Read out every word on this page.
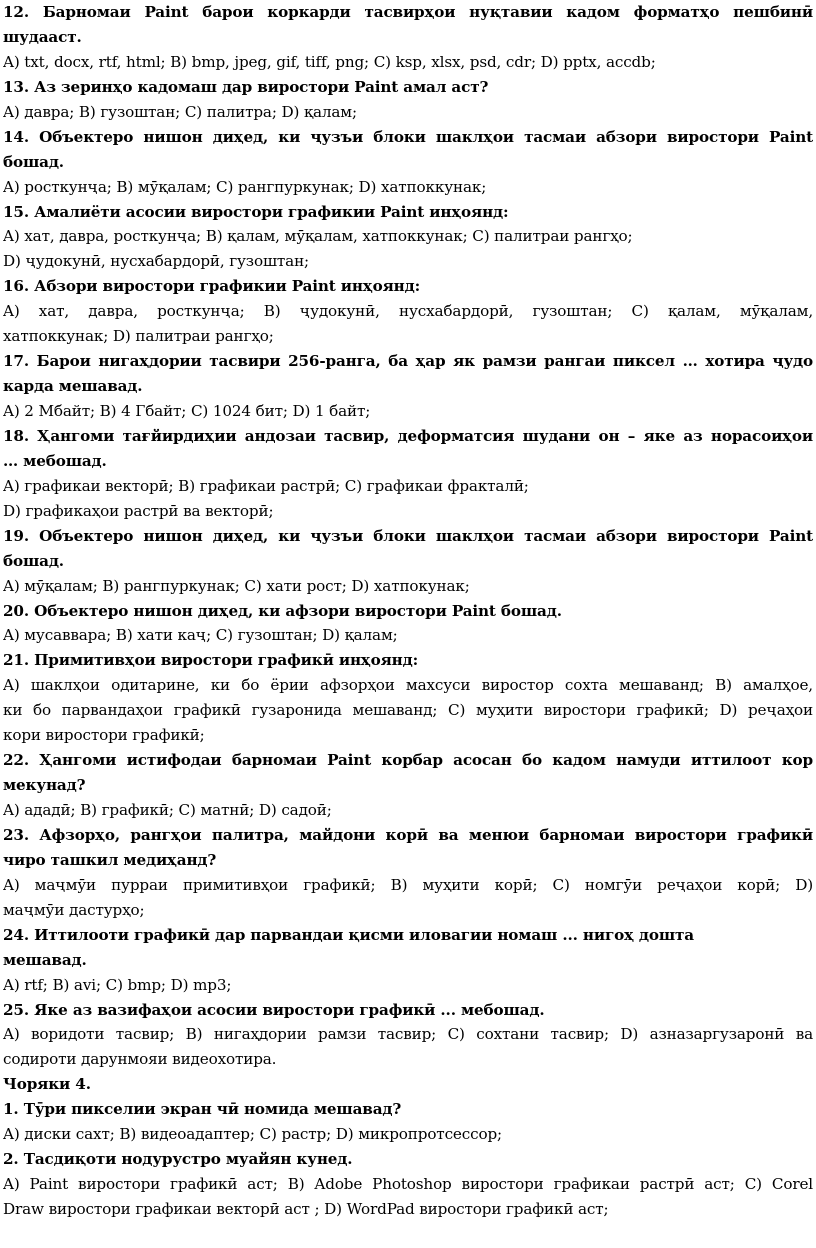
12. Барномаи Paint барои коркарди тасвирҳои нуқтавии кадом форматҳо пешбинӣ
шудааст.
A) txt, docx, rtf, html; B) bmp, jpeg, gif, tiff, png; C) ksp, xlsx, psd, cdr; D) pptx, accdb;
13. Аз зеринҳо кадомаш дар виростори Paint амал аст?
A) давра; B) гузоштан; C) палитра; D) қалам;
14. Объектеро нишон диҳед, ки ҷузъи блоки шаклҳои тасмаи абзори виростори Paint
бошад.
A) росткунҷа; B) мӯқалам; C) рангпуркунак; D) хатпоккунак;
15. Амалиёти асосии виростори графикии Paint инҳоянд:
A) хат, давра, росткунҷа; B) қалам, мӯқалам, хатпоккунак; C) палитраи рангҳо;
D) ҷудокунӣ, нусхабардорӣ, гузоштан;
16. Абзори виростори графикии Paint инҳоянд:
A) хат, давра, росткунҷа; B) ҷудокунӣ, нусхабардорӣ, гузоштан; C) қалам, мӯқалам,
хатпоккунак; D) палитраи рангҳо;
17. Барои нигаҳдории тасвири 256-ранга, ба ҳар як рамзи рангаи пиксел … хотира ҷудо
карда мешавад.
A) 2 Мбайт; B) 4 Гбайт; C) 1024 бит; D) 1 байт;
18. Ҳангоми тағйирдиҳии андозаи тасвир, деформатсия шудани он – яке аз норасоиҳои
… мебошад.
A) графикаи векторӣ; B) графикаи растрӣ; C) графикаи фракталӣ;
D) графикаҳои растрӣ ва векторӣ;
19. Объектеро нишон диҳед, ки ҷузъи блоки шаклҳои тасмаи абзори виростори Paint
бошад.
A) мӯқалам; B) рангпуркунак; C) хати рост; D) хатпокунак;
20. Объектеро нишон диҳед, ки афзори виростори Paint бошад.
A) мусаввара; B) хати каҷ; C) гузоштан; D) қалам;
21. Примитивҳои виростори графикӣ инҳоянд:
A) шаклҳои одитарине, ки бо ёрии афзорҳои махсуси виростор сохта мешаванд; B) амалҳое,
ки бо парвандаҳои графикӣ гузаронида мешаванд; C) муҳити виростори графикӣ; D) реҷаҳои
кори виростори графикӣ;
22. Ҳангоми истифодаи барномаи Paint корбар асосан бо кадом намуди иттилоот кор
мекунад?
A) ададӣ; B) графикӣ; C) матнӣ; D) садоӣ;
23. Афзорҳо, рангҳои палитра, майдони корӣ ва менюи барномаи виростори графикӣ
чиро ташкил медиҳанд?
A) маҷмӯи пурраи примитивҳои графикӣ; B) муҳити корӣ; C) номгӯи реҷаҳои корӣ; D)
маҷмӯи дастурҳо;
24. Иттилооти графикӣ дар парвандаи қисми иловагии номаш ... нигоҳ дошта
мешавад.
A) rtf; B) avi; C) bmp; D) mp3;
25. Яке аз вазифаҳои асосии виростори графикӣ ... мебошад.
A) воридоти тасвир; B) нигаҳдории рамзи тасвир; C) сохтани тасвир; D) азназаргузаронӣ ва
содироти дарунмояи видеохотира.
Чоряки 4.
1. Тӯри пикселии экран чӣ номида мешавад?
A) диски сахт; B) видеоадаптер; C) растр; D) микропротсессор;
2. Тасдиқоти нодурустро муайян кунед.
A) Paint виростори графикӣ аст; B) Adobe Photoshop виростори графикаи растрӣ аст; C) Corel
Draw виростори графикаи векторӣ аст ; D) WordPad виростори графикӣ аст;
